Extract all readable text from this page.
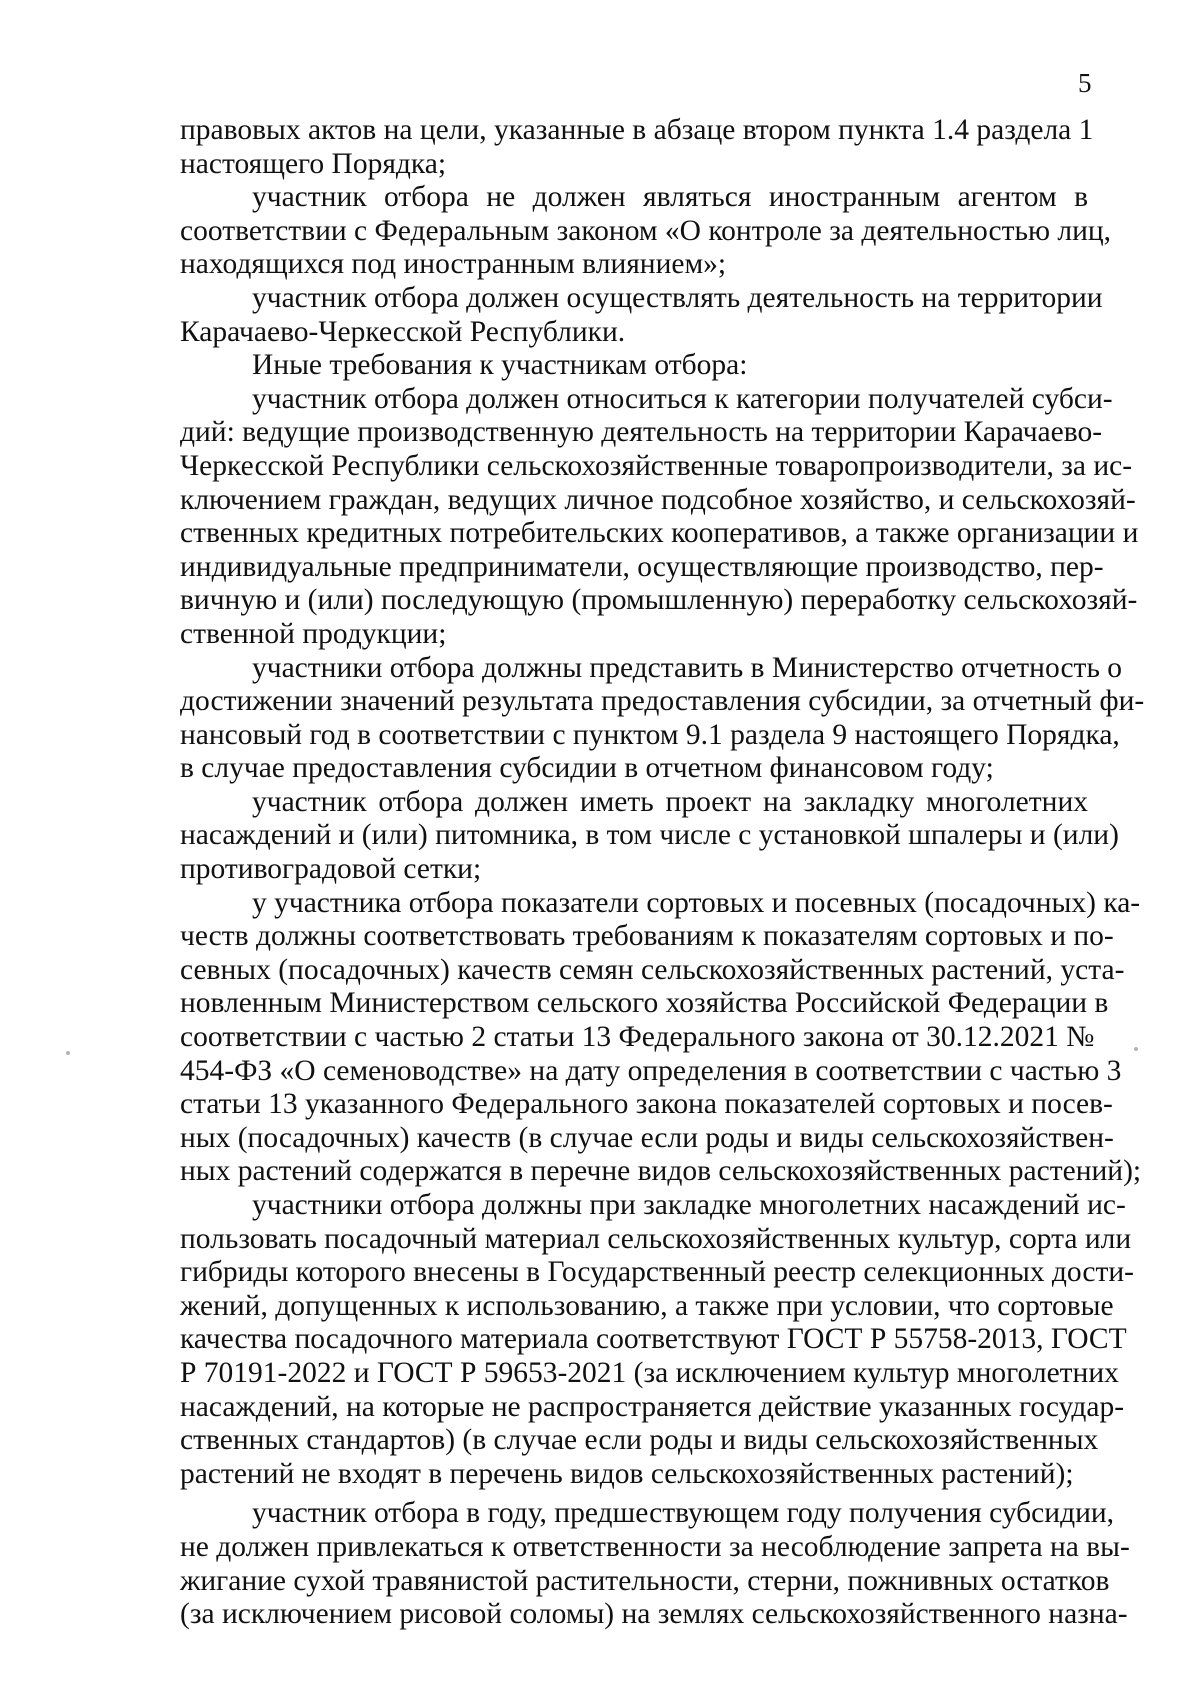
5
правовых актов на цели, указанные в абзаце втором пункта 1.4 раздела 1
настоящего Порядка;
участник отбора не должен являться иностранным агентом в
соответствии с Федеральным законом «О контроле за деятельностью лиц,
находящихся под иностранным влиянием»;
участник отбора должен осуществлять деятельность на территории
Карачаево-Черкесской Республики.
Иные требования к участникам отбора:
участник отбора должен относиться к категории получателей субси-
дий: ведущие производственную деятельность на территории Карачаево-
Черкесской Республики сельскохозяйственные товаропроизводители, за ис-
ключением граждан, ведущих личное подсобное хозяйство, и сельскохозяй-
ственных кредитных потребительских кооперативов, а также организации и
индивидуальные предприниматели, осуществляющие производство, пер-
вичную и (или) последующую (промышленную) переработку сельскохозяй-
ственной продукции;
участники отбора должны представить в Министерство отчетность о
достижении значений результата предоставления субсидии, за отчетный фи-
нансовый год в соответствии с пунктом 9.1 раздела 9 настоящего Порядка,
в случае предоставления субсидии в отчетном финансовом году;
участник отбора должен иметь проект на закладку многолетних
насаждений и (или) питомника, в том числе с установкой шпалеры и (или)
противоградовой сетки;
у участника отбора показатели сортовых и посевных (посадочных) ка-
честв должны соответствовать требованиям к показателям сортовых и по-
севных (посадочных) качеств семян сельскохозяйственных растений, уста-
новленным Министерством сельского хозяйства Российской Федерации в
соответствии с частью 2 статьи 13 Федерального закона от 30.12.2021 №
454-ФЗ «О семеноводстве» на дату определения в соответствии с частью 3
статьи 13 указанного Федерального закона показателей сортовых и посев-
ных (посадочных) качеств (в случае если роды и виды сельскохозяйствен-
ных растений содержатся в перечне видов сельскохозяйственных растений);
участники отбора должны при закладке многолетних насаждений ис-
пользовать посадочный материал сельскохозяйственных культур, сорта или
гибриды которого внесены в Государственный реестр селекционных дости-
жений, допущенных к использованию, а также при условии, что сортовые
качества посадочного материала соответствуют ГОСТ Р 55758-2013, ГОСТ
Р 70191-2022 и ГОСТ Р 59653-2021 (за исключением культур многолетних
насаждений, на которые не распространяется действие указанных государ-
ственных стандартов) (в случае если роды и виды сельскохозяйственных
растений не входят в перечень видов сельскохозяйственных растений);
участник отбора в году, предшествующем году получения субсидии,
не должен привлекаться к ответственности за несоблюдение запрета на вы-
жигание сухой травянистой растительности, стерни, пожнивных остатков
(за исключением рисовой соломы) на землях сельскохозяйственного назна-
